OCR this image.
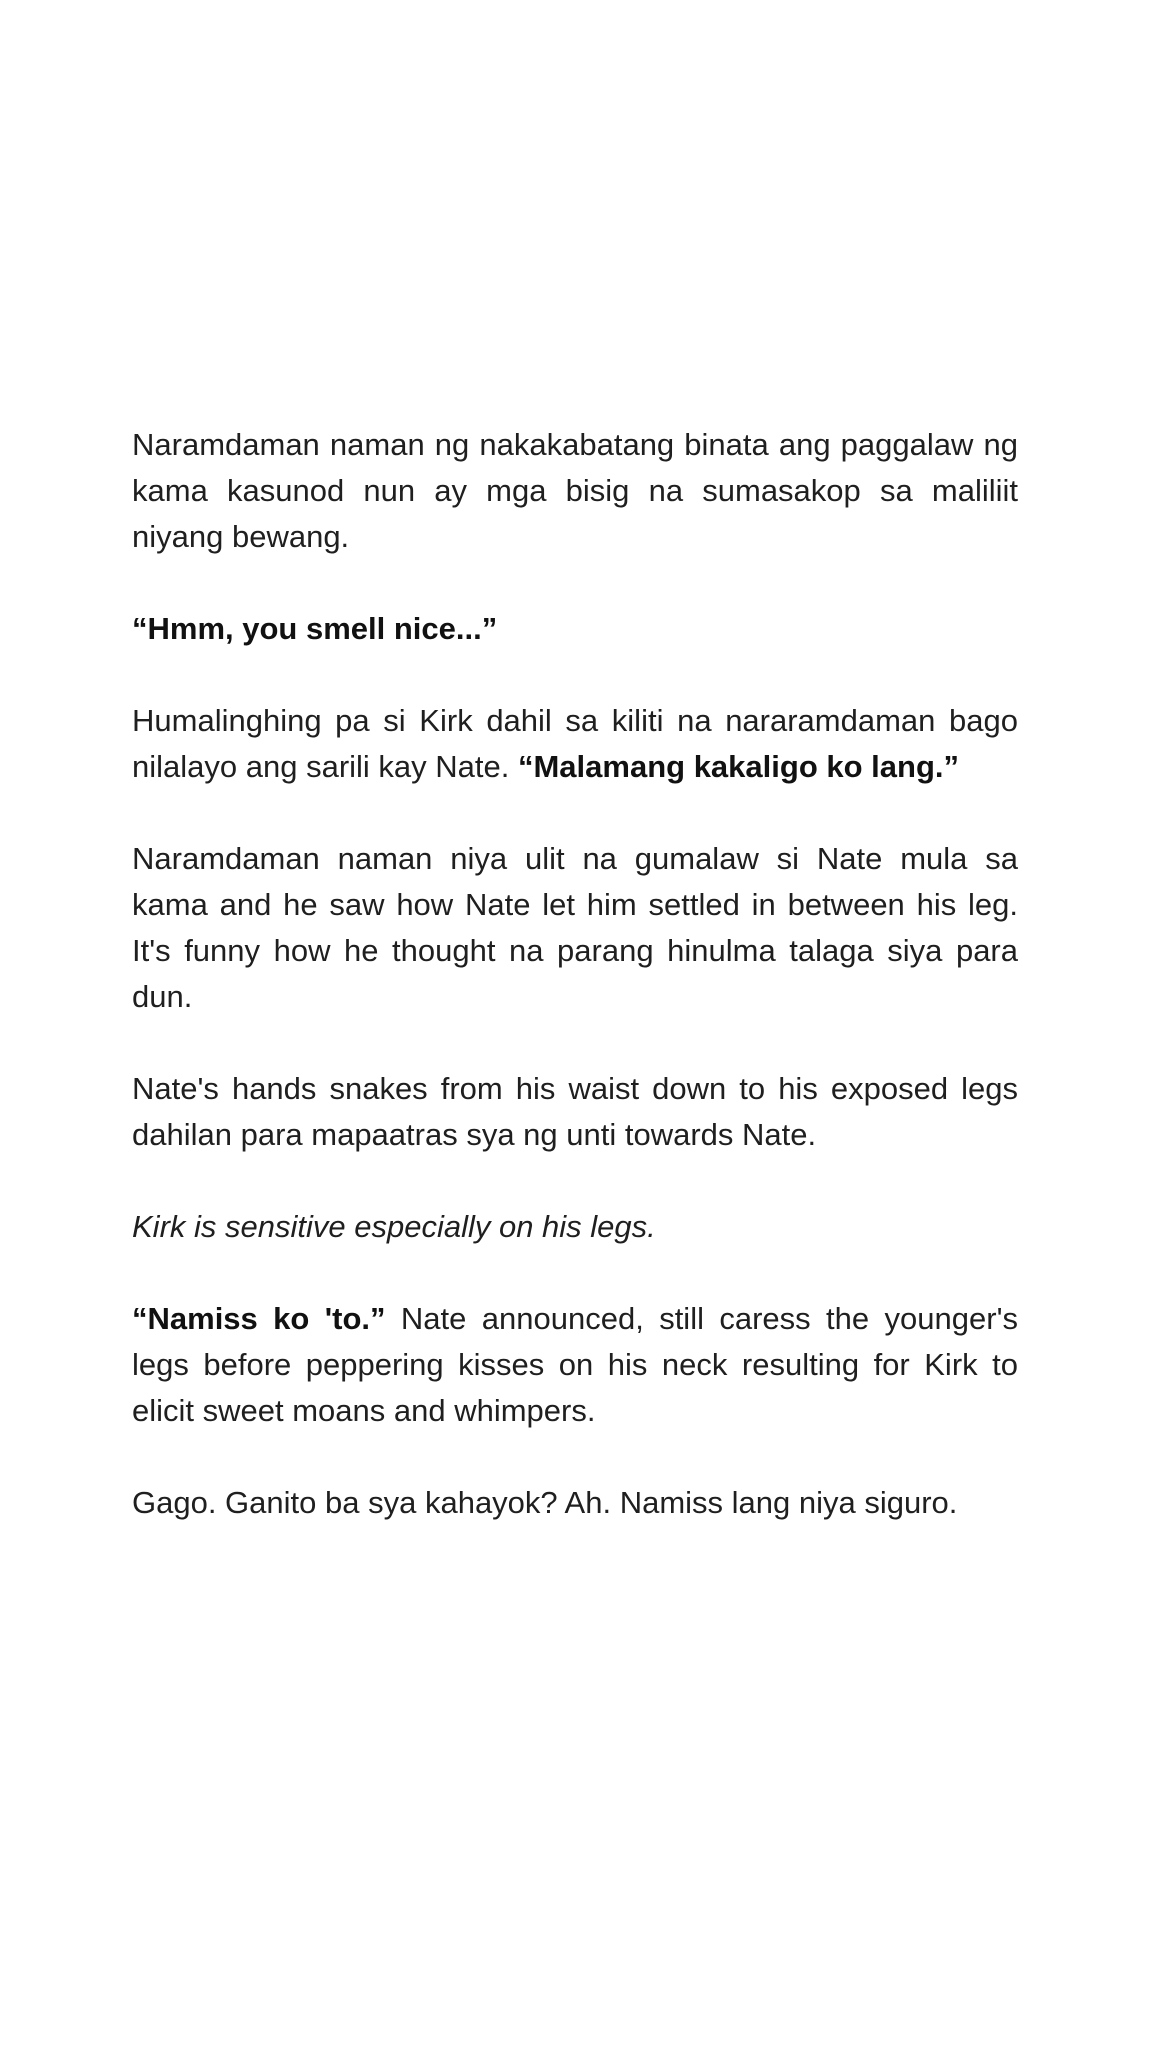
Naramdaman naman ng nakakabatang binata ang paggalaw ng kama kasunod nun ay mga bisig na sumasakop sa maliliit niyang bewang.

“Hmm, you smell nice...”

Humalinghing pa si Kirk dahil sa kiliti na nararamdaman bago nilalayo ang sarili kay Nate. “Malamang kakaligo ko lang.”

Naramdaman naman niya ulit na gumalaw si Nate mula sa kama and he saw how Nate let him settled in between his leg. It's funny how he thought na parang hinulma talaga siya para dun.

Nate's hands snakes from his waist down to his exposed legs dahilan para mapaatras sya ng unti towards Nate.

Kirk is sensitive especially on his legs.

“Namiss ko 'to.” Nate announced, still caress the younger's legs before peppering kisses on his neck resulting for Kirk to elicit sweet moans and whimpers.

Gago. Ganito ba sya kahayok? Ah. Namiss lang niya siguro.
